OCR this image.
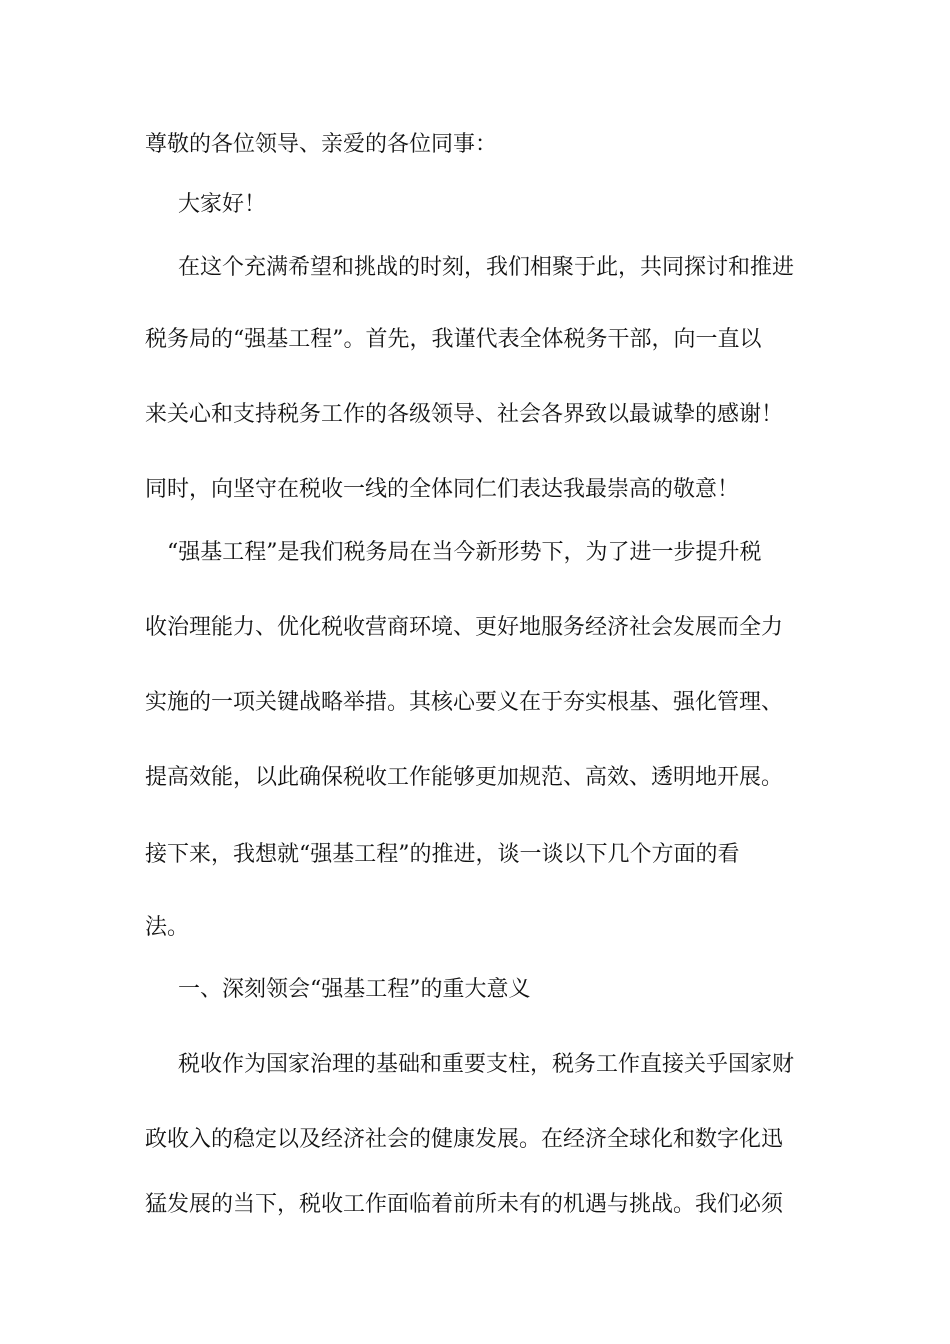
尊敬的各位领导、亲爱的各位同事：
大家好！
在这个充满希望和挑战的时刻，我们相聚于此，共同探讨和推进
税务局的“强基工程”。首先，我谨代表全体税务干部，向一直以
来关心和支持税务工作的各级领导、社会各界致以最诚挚的感谢！
同时，向坚守在税收一线的全体同仁们表达我最崇高的敬意！
“强基工程”是我们税务局在当今新形势下，为了进一步提升税
收治理能力、优化税收营商环境、更好地服务经济社会发展而全力
实施的一项关键战略举措。其核心要义在于夯实根基、强化管理、
提高效能，以此确保税收工作能够更加规范、高效、透明地开展。
接下来，我想就“强基工程”的推进，谈一谈以下几个方面的看
法。
一、深刻领会“强基工程”的重大意义
税收作为国家治理的基础和重要支柱，税务工作直接关乎国家财
政收入的稳定以及经济社会的健康发展。在经济全球化和数字化迅
猛发展的当下，税收工作面临着前所未有的机遇与挑战。我们必须
